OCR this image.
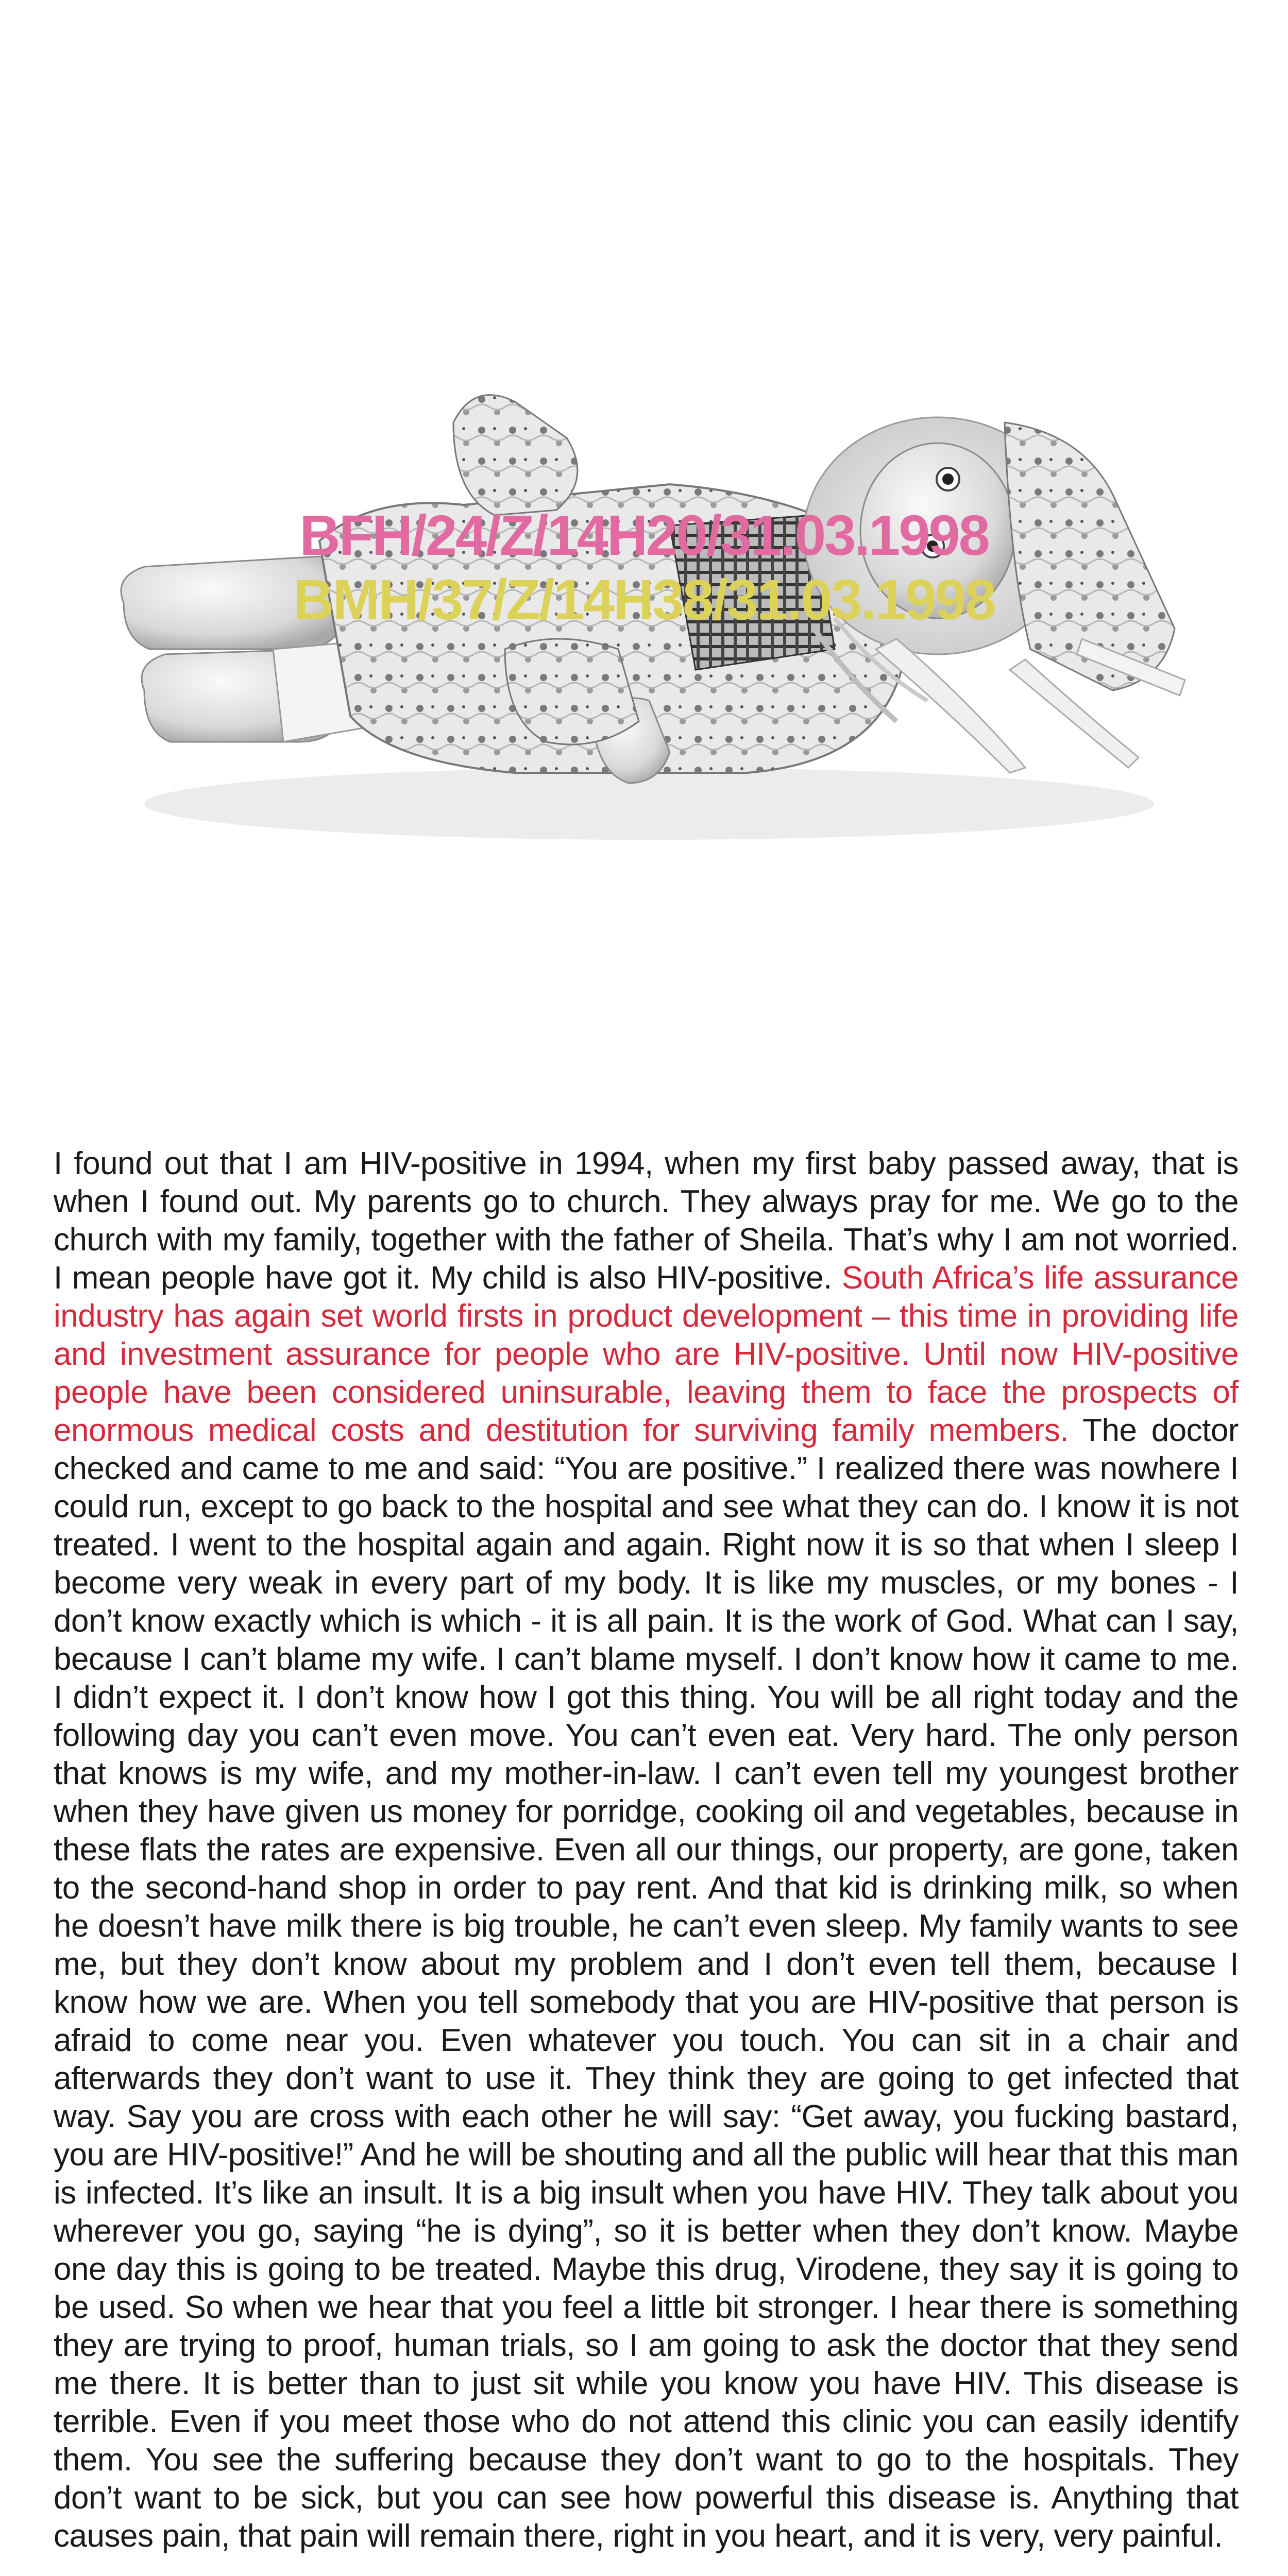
BFH/24/Z/14H20/31.03.1998
BMH/37/Z/14H38/31.03.1998
I found out that I am HIV-positive in 1994, when my first baby passed away, that is when I found out. My parents go to church. They always pray for me. We go to the church with my family, together with the father of Sheila. That’s why I am not worried. I mean people have got it. My child is also HIV-positive. South Africa’s life assurance industry has again set world firsts in product development – this time in providing life and investment assurance for people who are HIV-positive. Until now HIV-positive people have been considered uninsurable, leaving them to face the prospects of enormous medical costs and destitution for surviving family members. The doctor checked and came to me and said: “You are positive.” I realized there was nowhere I could run, except to go back to the hospital and see what they can do. I know it is not treated. I went to the hospital again and again. Right now it is so that when I sleep I become very weak in every part of my body. It is like my muscles, or my bones - I don’t know exactly which is which - it is all pain. It is the work of God. What can I say, because I can’t blame my wife. I can’t blame myself. I don’t know how it came to me. I didn’t expect it. I don’t know how I got this thing. You will be all right today and the following day you can’t even move. You can’t even eat. Very hard. The only person that knows is my wife, and my mother-in-law. I can’t even tell my youngest brother when they have given us money for porridge, cooking oil and vegetables, because in these flats the rates are expensive. Even all our things, our property, are gone, taken to the second-hand shop in order to pay rent. And that kid is drinking milk, so when he doesn’t have milk there is big trouble, he can’t even sleep. My family wants to see me, but they don’t know about my problem and I don’t even tell them, because I know how we are. When you tell somebody that you are HIV-positive that person is afraid to come near you. Even whatever you touch. You can sit in a chair and afterwards they don’t want to use it. They think they are going to get infected that way. Say you are cross with each other he will say: “Get away, you fucking bastard, you are HIV-positive!” And he will be shouting and all the public will hear that this man is infected. It’s like an insult. It is a big insult when you have HIV. They talk about you wherever you go, saying “he is dying”, so it is better when they don’t know. Maybe one day this is going to be treated. Maybe this drug, Virodene, they say it is going to be used. So when we hear that you feel a little bit stronger. I hear there is something they are trying to proof, human trials, so I am going to ask the doctor that they send me there. It is better than to just sit while you know you have HIV. This disease is terrible. Even if you meet those who do not attend this clinic you can easily identify them. You see the suffering because they don’t want to go to the hospitals. They don’t want to be sick, but you can see how powerful this disease is. Anything that causes pain, that pain will remain there, right in you heart, and it is very, very painful.
